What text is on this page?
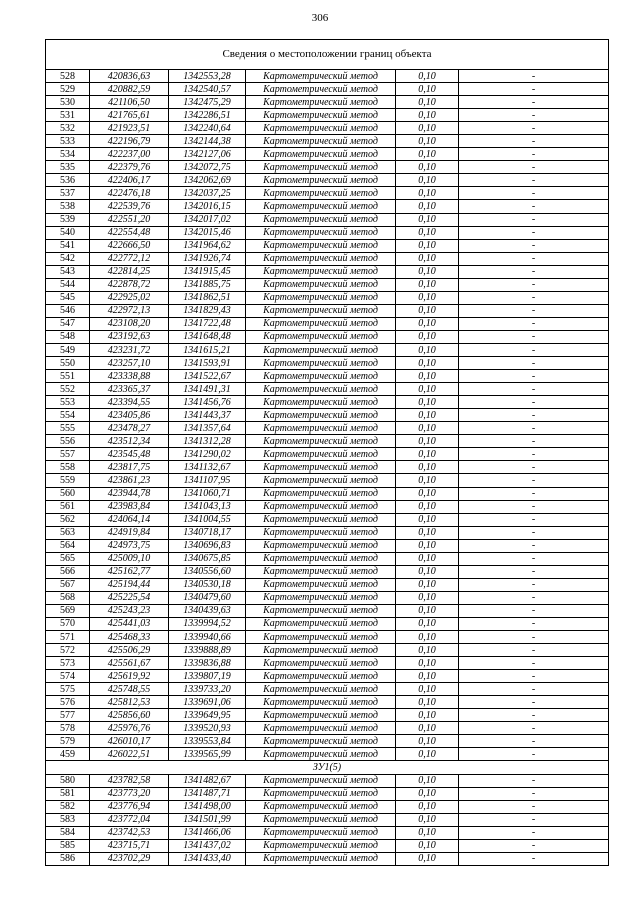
306
Сведения о местоположении границ объекта
528	420836,63	1342553,28	Картометрический метод	0,10	-
529	420882,59	1342540,57	Картометрический метод	0,10	-
530	421106,50	1342475,29	Картометрический метод	0,10	-
531	421765,61	1342286,51	Картометрический метод	0,10	-
532	421923,51	1342240,64	Картометрический метод	0,10	-
533	422196,79	1342144,38	Картометрический метод	0,10	-
534	422237,00	1342127,06	Картометрический метод	0,10	-
535	422379,76	1342072,75	Картометрический метод	0,10	-
536	422406,17	1342062,69	Картометрический метод	0,10	-
537	422476,18	1342037,25	Картометрический метод	0,10	-
538	422539,76	1342016,15	Картометрический метод	0,10	-
539	422551,20	1342017,02	Картометрический метод	0,10	-
540	422554,48	1342015,46	Картометрический метод	0,10	-
541	422666,50	1341964,62	Картометрический метод	0,10	-
542	422772,12	1341926,74	Картометрический метод	0,10	-
543	422814,25	1341915,45	Картометрический метод	0,10	-
544	422878,72	1341885,75	Картометрический метод	0,10	-
545	422925,02	1341862,51	Картометрический метод	0,10	-
546	422972,13	1341829,43	Картометрический метод	0,10	-
547	423108,20	1341722,48	Картометрический метод	0,10	-
548	423192,63	1341648,48	Картометрический метод	0,10	-
549	423231,72	1341615,21	Картометрический метод	0,10	-
550	423257,10	1341593,91	Картометрический метод	0,10	-
551	423338,88	1341522,67	Картометрический метод	0,10	-
552	423365,37	1341491,31	Картометрический метод	0,10	-
553	423394,55	1341456,76	Картометрический метод	0,10	-
554	423405,86	1341443,37	Картометрический метод	0,10	-
555	423478,27	1341357,64	Картометрический метод	0,10	-
556	423512,34	1341312,28	Картометрический метод	0,10	-
557	423545,48	1341290,02	Картометрический метод	0,10	-
558	423817,75	1341132,67	Картометрический метод	0,10	-
559	423861,23	1341107,95	Картометрический метод	0,10	-
560	423944,78	1341060,71	Картометрический метод	0,10	-
561	423983,84	1341043,13	Картометрический метод	0,10	-
562	424064,14	1341004,55	Картометрический метод	0,10	-
563	424919,84	1340718,17	Картометрический метод	0,10	-
564	424973,75	1340696,83	Картометрический метод	0,10	-
565	425009,10	1340675,85	Картометрический метод	0,10	-
566	425162,77	1340556,60	Картометрический метод	0,10	-
567	425194,44	1340530,18	Картометрический метод	0,10	-
568	425225,54	1340479,60	Картометрический метод	0,10	-
569	425243,23	1340439,63	Картометрический метод	0,10	-
570	425441,03	1339994,52	Картометрический метод	0,10	-
571	425468,33	1339940,66	Картометрический метод	0,10	-
572	425506,29	1339888,89	Картометрический метод	0,10	-
573	425561,67	1339836,88	Картометрический метод	0,10	-
574	425619,92	1339807,19	Картометрический метод	0,10	-
575	425748,55	1339733,20	Картометрический метод	0,10	-
576	425812,53	1339691,06	Картометрический метод	0,10	-
577	425856,60	1339649,95	Картометрический метод	0,10	-
578	425976,76	1339520,93	Картометрический метод	0,10	-
579	426010,17	1339553,84	Картометрический метод	0,10	-
459	426022,51	1339565,99	Картометрический метод	0,10	-
ЗУ1(5)					
580	423782,58	1341482,67	Картометрический метод	0,10	-
581	423773,20	1341487,71	Картометрический метод	0,10	-
582	423776,94	1341498,00	Картометрический метод	0,10	-
583	423772,04	1341501,99	Картометрический метод	0,10	-
584	423742,53	1341466,06	Картометрический метод	0,10	-
585	423715,71	1341437,02	Картометрический метод	0,10	-
586	423702,29	1341433,40	Картометрический метод	0,10	-
